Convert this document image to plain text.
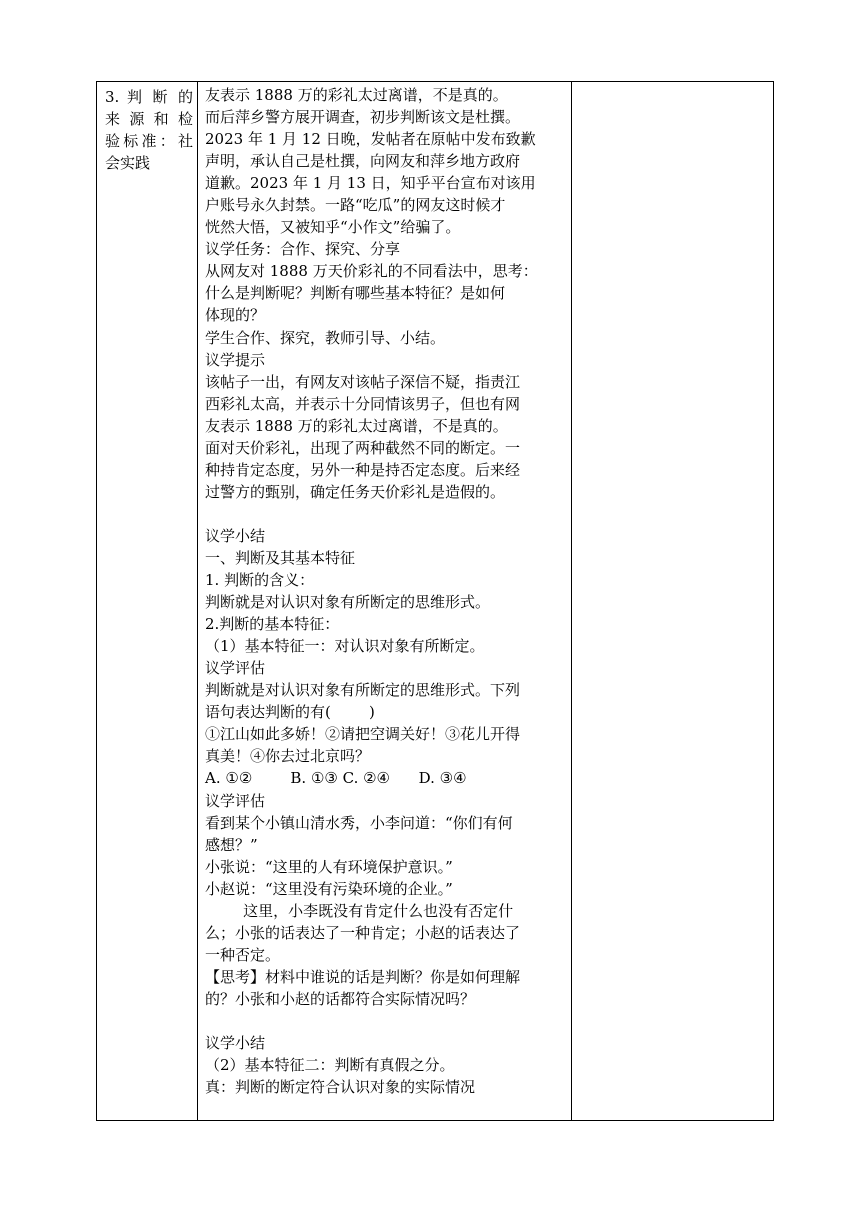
3. 判 断 的
来 源 和 检
验标准：社
会实践
友表示 1888 万的彩礼太过离谱，不是真的。
而后萍乡警方展开调查，初步判断该文是杜撰。
2023 年 1 月 12 日晚，发帖者在原帖中发布致歉
声明，承认自己是杜撰，向网友和萍乡地方政府
道歉。2023 年 1 月 13 日，知乎平台宣布对该用
户账号永久封禁。一路“吃瓜”的网友这时候才
恍然大悟，又被知乎“小作文”给骗了。
议学任务：合作、探究、分享
从网友对 1888 万天价彩礼的不同看法中，思考：
什么是判断呢？判断有哪些基本特征？是如何
体现的？
学生合作、探究，教师引导、小结。
议学提示
该帖子一出，有网友对该帖子深信不疑，指责江
西彩礼太高，并表示十分同情该男子，但也有网
友表示 1888 万的彩礼太过离谱，不是真的。
面对天价彩礼，出现了两种截然不同的断定。一
种持肯定态度，另外一种是持否定态度。后来经
过警方的甄别，确定任务天价彩礼是造假的。
议学小结
一、判断及其基本特征
1. 判断的含义：
判断就是对认识对象有所断定的思维形式。
2.判断的基本特征：
（1）基本特征一：对认识对象有所断定。
议学评估
判断就是对认识对象有所断定的思维形式。下列
语句表达判断的有(        )
①江山如此多娇！②请把空调关好！③花儿开得
真美！④你去过北京吗？
A. ①②        B. ①③ C. ②④      D. ③④
议学评估
看到某个小镇山清水秀，小李问道：“你们有何
感想？”
小张说：“这里的人有环境保护意识。”
小赵说：“这里没有污染环境的企业。”
这里，小李既没有肯定什么也没有否定什
么；小张的话表达了一种肯定；小赵的话表达了
一种否定。
【思考】材料中谁说的话是判断？你是如何理解
的？小张和小赵的话都符合实际情况吗？
议学小结
（2）基本特征二：判断有真假之分。
真：判断的断定符合认识对象的实际情况
